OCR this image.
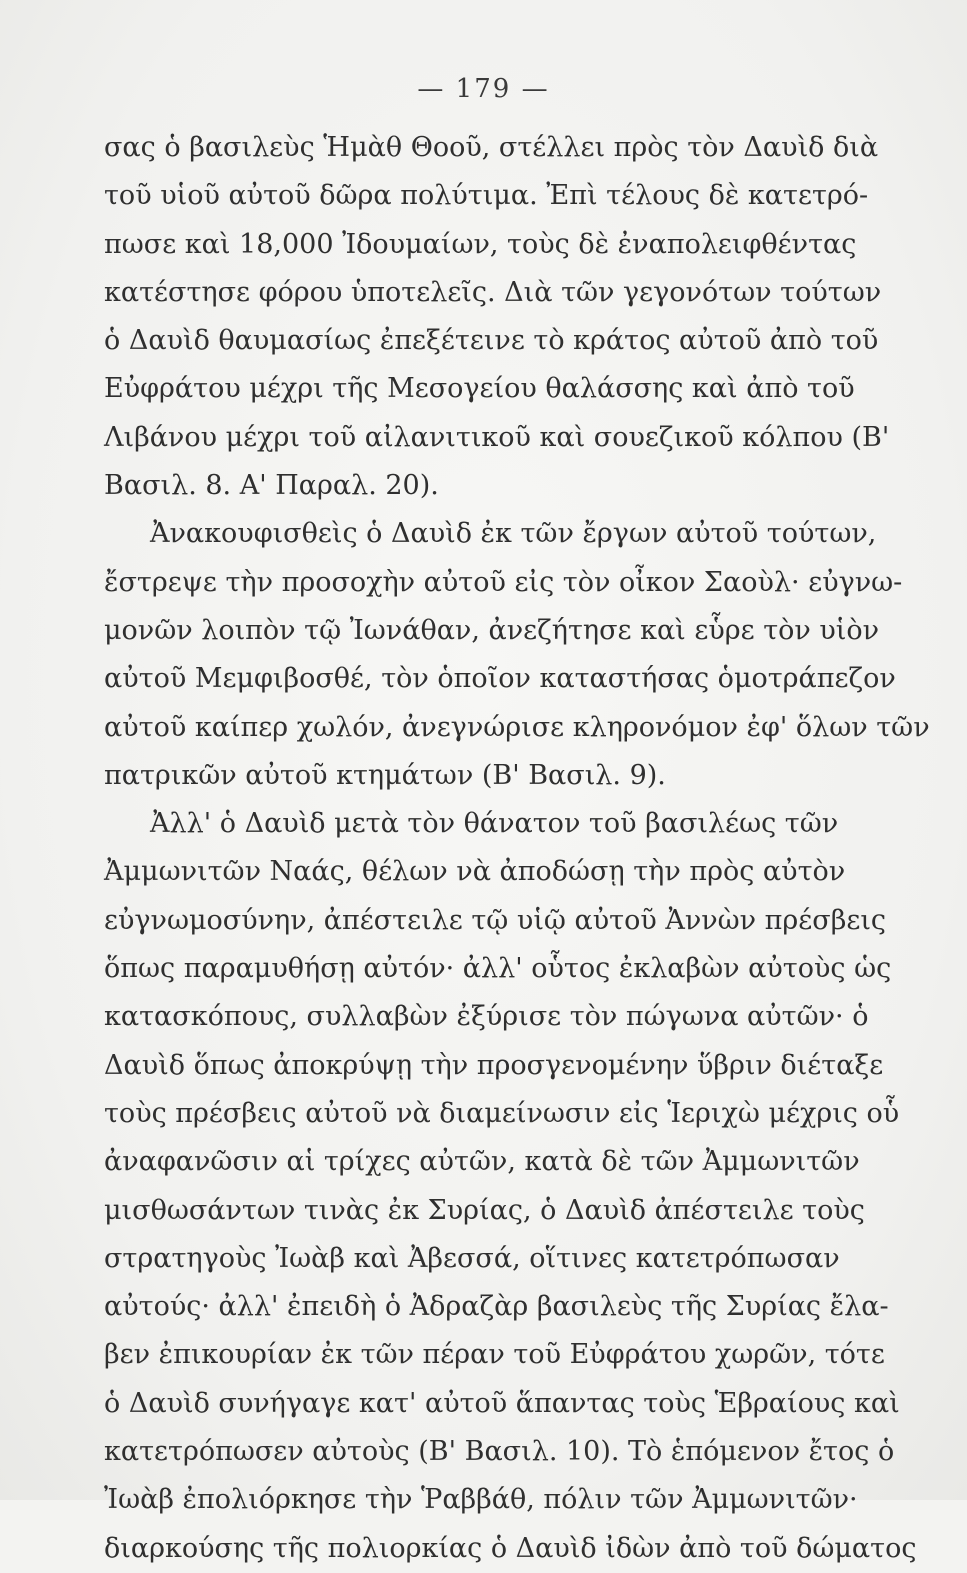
— 179 —
σας ὁ βασιλεὺς Ἡμὰθ Θοοῦ, στέλλει πρὸς τὸν Δαυὶδ διὰ
τοῦ υἱοῦ αὐτοῦ δῶρα πολύτιμα. Ἐπὶ τέλους δὲ κατετρό-
πωσε καὶ 18,000 Ἰδουμαίων, τοὺς δὲ ἐναπολειφθέντας
κατέστησε φόρου ὑποτελεῖς. Διὰ τῶν γεγονότων τούτων
ὁ Δαυὶδ θαυμασίως ἐπεξέτεινε τὸ κράτος αὐτοῦ ἀπὸ τοῦ
Εὐφράτου μέχρι τῆς Μεσογείου θαλάσσης καὶ ἀπὸ τοῦ
Λιβάνου μέχρι τοῦ αἰλανιτικοῦ καὶ σουεζικοῦ κόλπου (Β'
Βασιλ. 8. Α' Παραλ. 20).
Ἀνακουφισθεὶς ὁ Δαυὶδ ἐκ τῶν ἔργων αὐτοῦ τούτων,
ἔστρεψε τὴν προσοχὴν αὐτοῦ εἰς τὸν οἶκον Σαοὺλ· εὐγνω-
μονῶν λοιπὸν τῷ Ἰωνάθαν, ἀνεζήτησε καὶ εὗρε τὸν υἱὸν
αὐτοῦ Μεμφιβοσθέ, τὸν ὁποῖον καταστήσας ὁμοτράπεζον
αὐτοῦ καίπερ χωλόν, ἀνεγνώρισε κληρονόμον ἐφ' ὅλων τῶν
πατρικῶν αὐτοῦ κτημάτων (Β' Βασιλ. 9).
Ἀλλ' ὁ Δαυὶδ μετὰ τὸν θάνατον τοῦ βασιλέως τῶν
Ἀμμωνιτῶν Ναάς, θέλων νὰ ἀποδώσῃ τὴν πρὸς αὐτὸν
εὐγνωμοσύνην, ἀπέστειλε τῷ υἱῷ αὐτοῦ Ἀννὼν πρέσβεις
ὅπως παραμυθήσῃ αὐτόν· ἀλλ' οὗτος ἐκλαβὼν αὐτοὺς ὡς
κατασκόπους, συλλαβὼν ἐξύρισε τὸν πώγωνα αὐτῶν· ὁ
Δαυὶδ ὅπως ἀποκρύψῃ τὴν προσγενομένην ὕβριν διέταξε
τοὺς πρέσβεις αὐτοῦ νὰ διαμείνωσιν εἰς Ἱεριχὼ μέχρις οὗ
ἀναφανῶσιν αἱ τρίχες αὐτῶν, κατὰ δὲ τῶν Ἀμμωνιτῶν
μισθωσάντων τινὰς ἐκ Συρίας, ὁ Δαυὶδ ἀπέστειλε τοὺς
στρατηγοὺς Ἰωὰβ καὶ Ἀβεσσά, οἵτινες κατετρόπωσαν
αὐτούς· ἀλλ' ἐπειδὴ ὁ Ἀδραζὰρ βασιλεὺς τῆς Συρίας ἔλα-
βεν ἐπικουρίαν ἐκ τῶν πέραν τοῦ Εὐφράτου χωρῶν, τότε
ὁ Δαυὶδ συνήγαγε κατ' αὐτοῦ ἅπαντας τοὺς Ἑβραίους καὶ
κατετρόπωσεν αὐτοὺς (Β' Βασιλ. 10). Τὸ ἑπόμενον ἔτος ὁ
Ἰωὰβ ἐπολιόρκησε τὴν Ῥαββάθ, πόλιν τῶν Ἀμμωνιτῶν·
διαρκούσης τῆς πολιορκίας ὁ Δαυὶδ ἰδὼν ἀπὸ τοῦ δώματος
